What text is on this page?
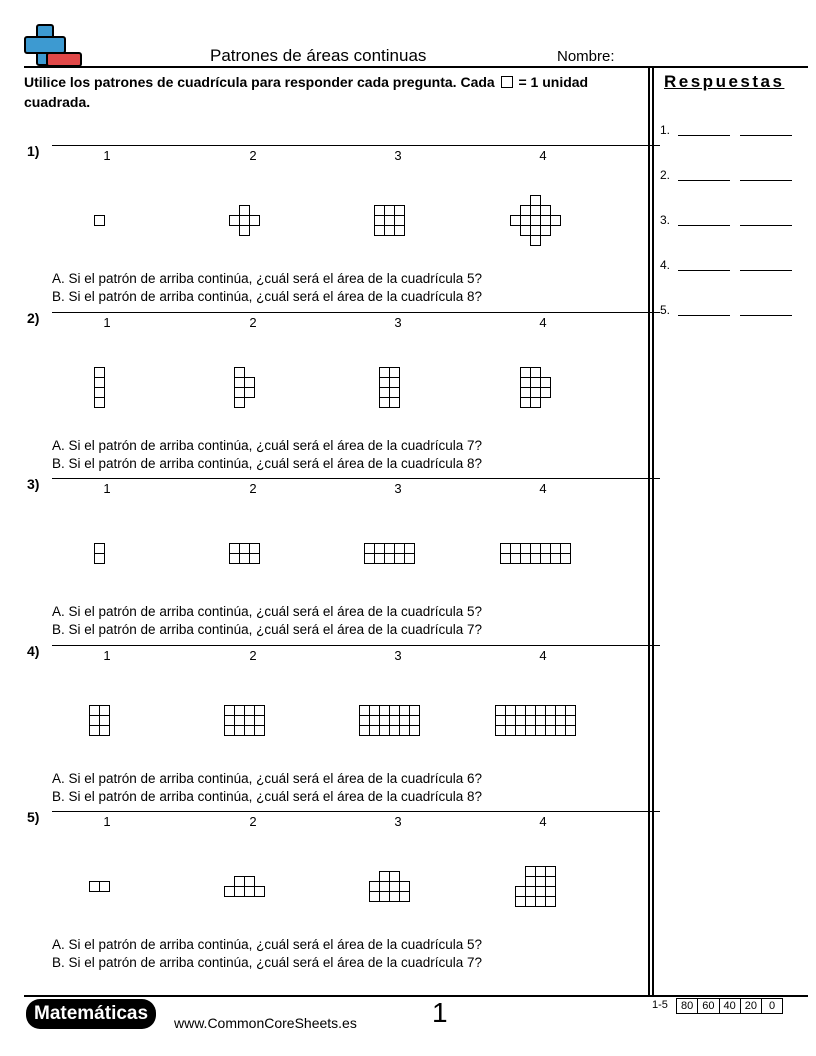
Patrones de áreas continuas	Nombre:
Utilice los patrones de cuadrícula para responder cada pregunta. Cada = 1 unidad cuadrada.
Respuestas
1.
2.
3.
4.
5.
1)	1	2	3	4
A. Si el patrón de arriba continúa, ¿cuál será el área de la cuadrícula 5?
B. Si el patrón de arriba continúa, ¿cuál será el área de la cuadrícula 8?
2)	1	2	3	4
A. Si el patrón de arriba continúa, ¿cuál será el área de la cuadrícula 7?
B. Si el patrón de arriba continúa, ¿cuál será el área de la cuadrícula 8?
3)	1	2	3	4
A. Si el patrón de arriba continúa, ¿cuál será el área de la cuadrícula 5?
B. Si el patrón de arriba continúa, ¿cuál será el área de la cuadrícula 7?
4)	1	2	3	4
A. Si el patrón de arriba continúa, ¿cuál será el área de la cuadrícula 6?
B. Si el patrón de arriba continúa, ¿cuál será el área de la cuadrícula 8?
5)	1	2	3	4
A. Si el patrón de arriba continúa, ¿cuál será el área de la cuadrícula 5?
B. Si el patrón de arriba continúa, ¿cuál será el área de la cuadrícula 7?
Matemáticas	www.CommonCoreSheets.es	1	1-5	80 60 40 20	0
